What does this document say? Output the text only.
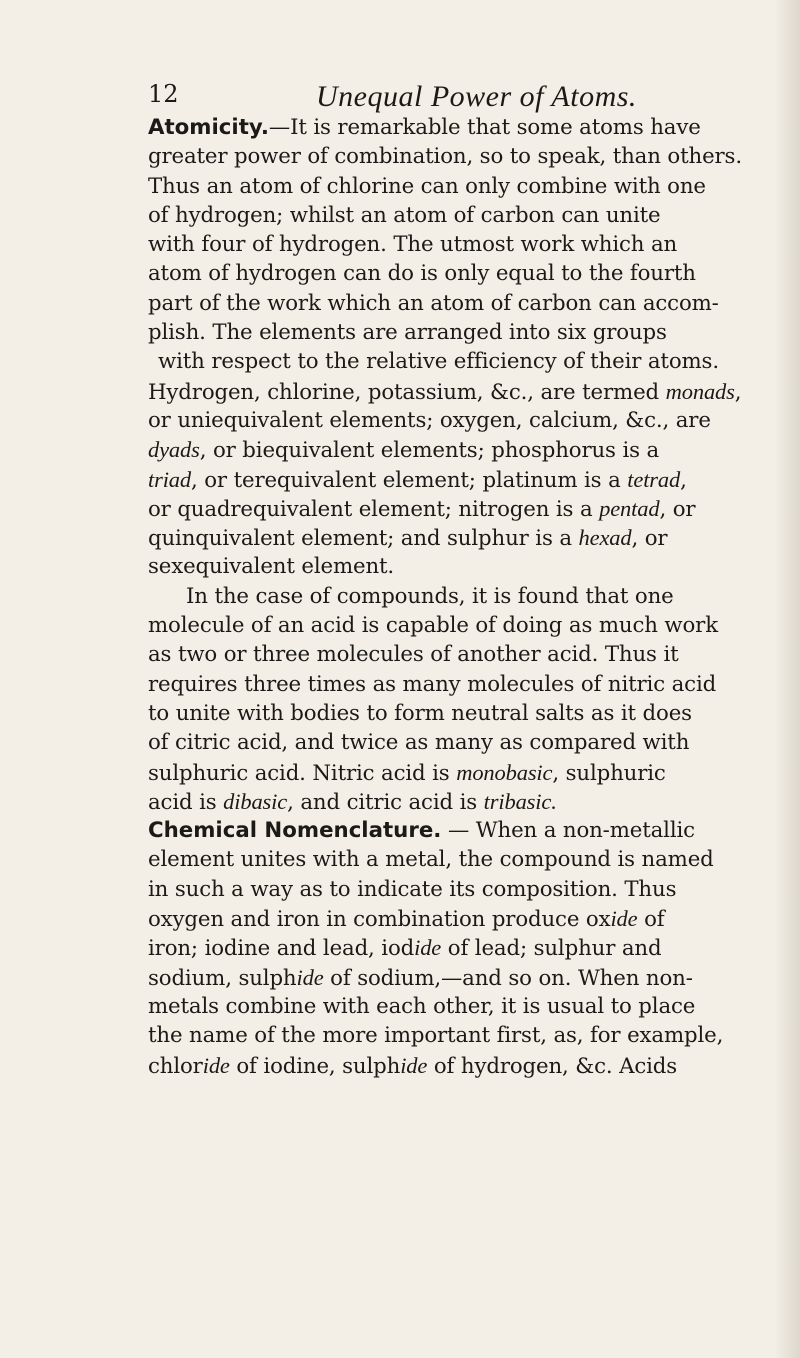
12	Unequal Power of Atoms.
Atomicity.—It is remarkable that some atoms have
greater power of combination, so to speak, than others.
Thus an atom of chlorine can only combine with one
of hydrogen; whilst an atom of carbon can unite
with four of hydrogen. The utmost work which an
atom of hydrogen can do is only equal to the fourth
part of the work which an atom of carbon can accom-
plish. The elements are arranged into six groups
with respect to the relative efficiency of their atoms.
Hydrogen, chlorine, potassium, &c., are termed monads,
or uniequivalent elements; oxygen, calcium, &c., are
dyads, or biequivalent elements; phosphorus is a
triad, or terequivalent element; platinum is a tetrad,
or quadrequivalent element; nitrogen is a pentad, or
quinquivalent element; and sulphur is a hexad, or
sexequivalent element.
In the case of compounds, it is found that one
molecule of an acid is capable of doing as much work
as two or three molecules of another acid. Thus it
requires three times as many molecules of nitric acid
to unite with bodies to form neutral salts as it does
of citric acid, and twice as many as compared with
sulphuric acid. Nitric acid is monobasic, sulphuric
acid is dibasic, and citric acid is tribasic.
Chemical Nomenclature. — When a non-metallic
element unites with a metal, the compound is named
in such a way as to indicate its composition. Thus
oxygen and iron in combination produce oxide of
iron; iodine and lead, iodide of lead; sulphur and
sodium, sulphide of sodium,—and so on. When non-
metals combine with each other, it is usual to place
the name of the more important first, as, for example,
chloride of iodine, sulphide of hydrogen, &c. Acids
